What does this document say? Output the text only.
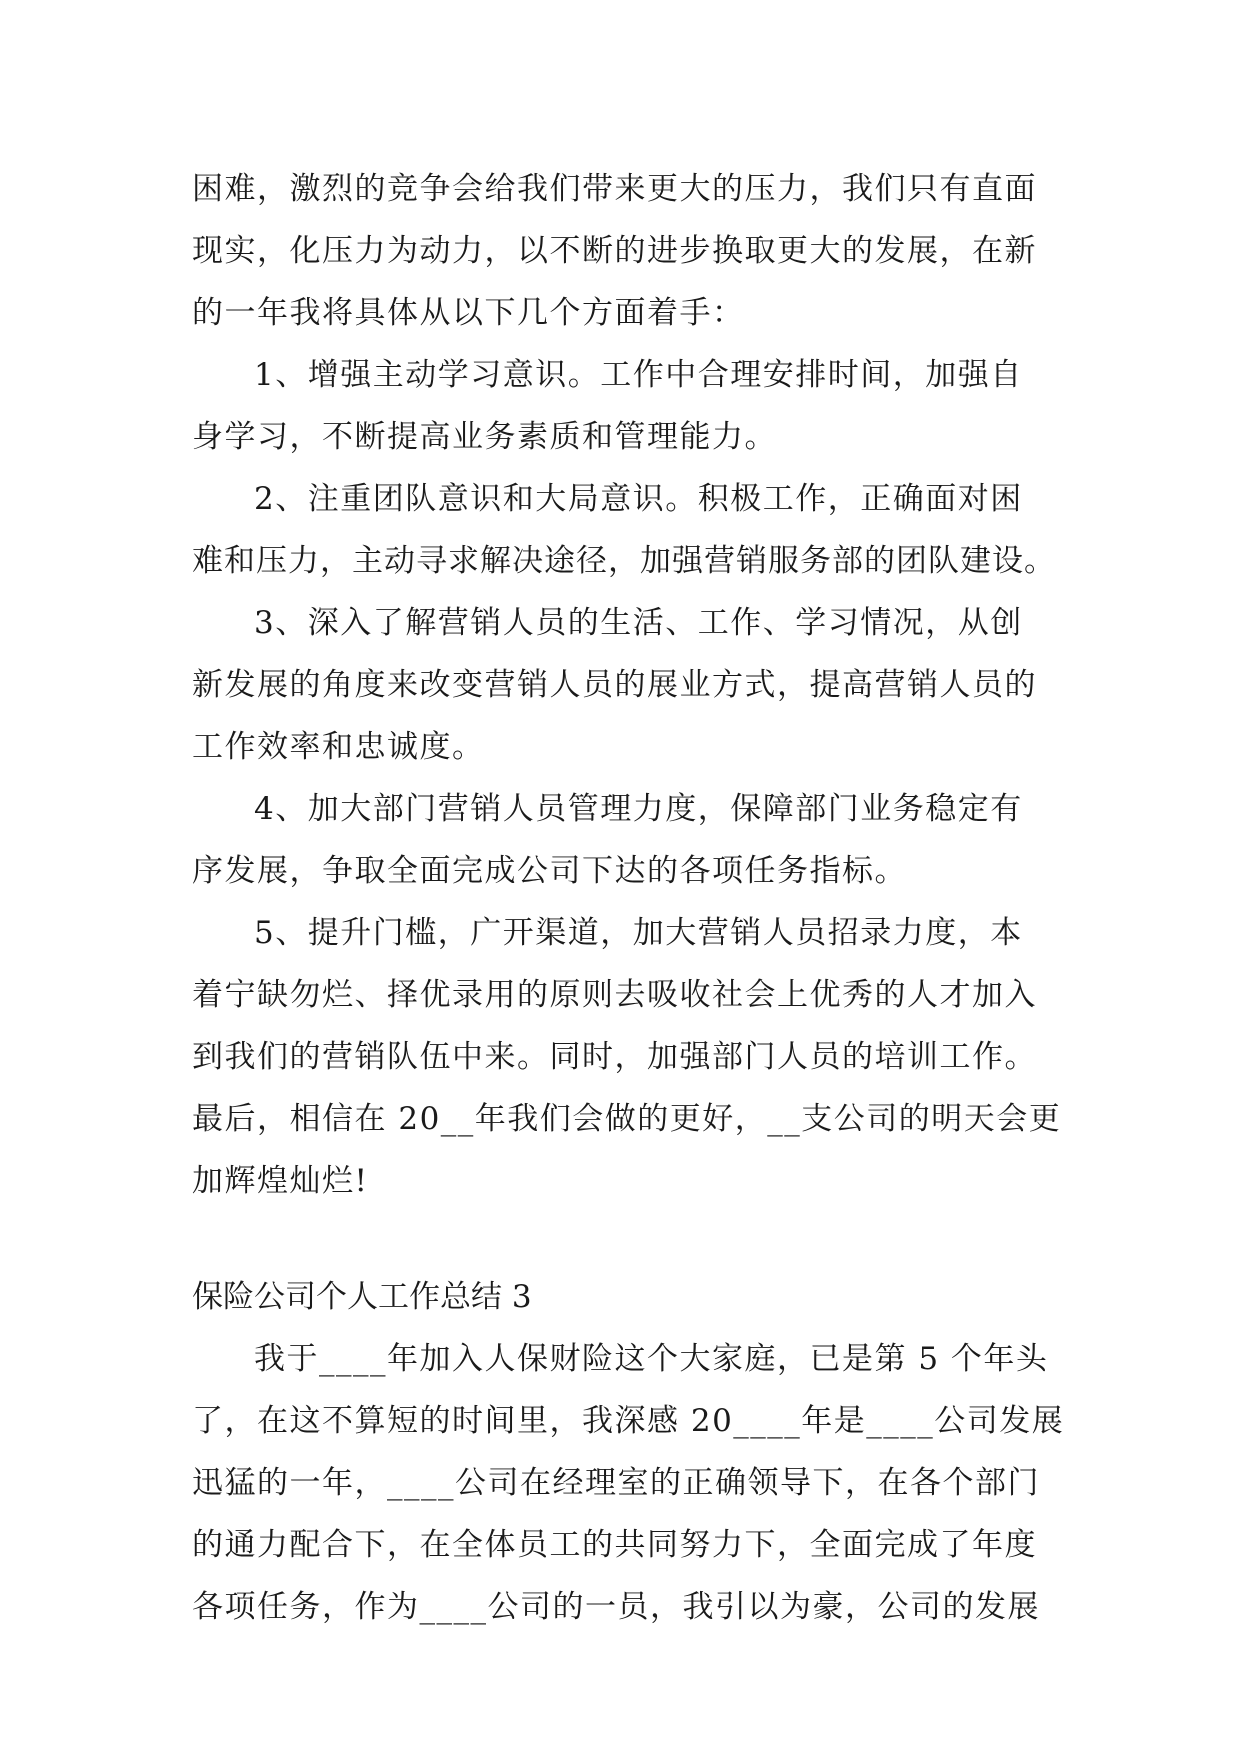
困难，激烈的竞争会给我们带来更大的压力，我们只有直面
现实，化压力为动力，以不断的进步换取更大的发展，在新
的一年我将具体从以下几个方面着手：
1、增强主动学习意识。工作中合理安排时间，加强自
身学习，不断提高业务素质和管理能力。
2、注重团队意识和大局意识。积极工作，正确面对困
难和压力，主动寻求解决途径，加强营销服务部的团队建设。
3、深入了解营销人员的生活、工作、学习情况，从创
新发展的角度来改变营销人员的展业方式，提高营销人员的
工作效率和忠诚度。
4、加大部门营销人员管理力度，保障部门业务稳定有
序发展，争取全面完成公司下达的各项任务指标。
5、提升门槛，广开渠道，加大营销人员招录力度，本
着宁缺勿烂、择优录用的原则去吸收社会上优秀的人才加入
到我们的营销队伍中来。同时，加强部门人员的培训工作。
最后，相信在 20__年我们会做的更好，__支公司的明天会更
加辉煌灿烂!
保险公司个人工作总结 3
我于____年加入人保财险这个大家庭，已是第 5 个年头
了，在这不算短的时间里，我深感 20____年是____公司发展
迅猛的一年，____公司在经理室的正确领导下，在各个部门
的通力配合下，在全体员工的共同努力下，全面完成了年度
各项任务，作为____公司的一员，我引以为豪，公司的发展
